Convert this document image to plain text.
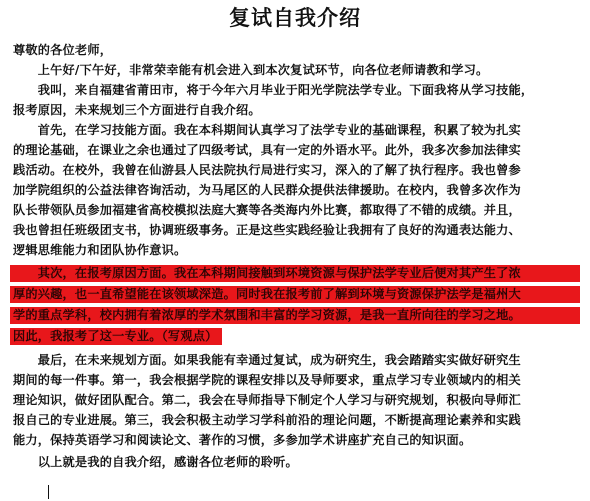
复试自我介绍
尊敬的各位老师，
　　上午好/下午好，非常荣幸能有机会进入到本次复试环节，向各位老师请教和学习。
　　我叫，来自福建省莆田市，将于今年六月毕业于阳光学院法学专业。下面我将从学习技能，
报考原因，未来规划三个方面进行自我介绍。
　　首先，在学习技能方面。我在本科期间认真学习了法学专业的基础课程，积累了较为扎实
的理论基础，在课业之余也通过了四级考试，具有一定的外语水平。此外，我多次参加法律实
践活动。在校外，我曾在仙游县人民法院执行局进行实习，深入的了解了执行程序。我也曾参
加学院组织的公益法律咨询活动，为马尾区的人民群众提供法律援助。在校内，我曾多次作为
队长带领队员参加福建省高校模拟法庭大赛等各类海内外比赛，都取得了不错的成绩。并且，
我也曾担任班级团支书，协调班级事务。正是这些实践经验让我拥有了良好的沟通表达能力、
逻辑思维能力和团队协作意识。
　　其次，在报考原因方面。我在本科期间接触到环境资源与保护法学专业后便对其产生了浓
厚的兴趣，也一直希望能在该领域深造。同时我在报考前了解到环境与资源保护法学是福州大
学的重点学科，校内拥有着浓厚的学术氛围和丰富的学习资源，是我一直所向往的学习之地。
因此，我报考了这一专业。（写观点）
　　最后，在未来规划方面。如果我能有幸通过复试，成为研究生，我会踏踏实实做好研究生
期间的每一件事。第一，我会根据学院的课程安排以及导师要求，重点学习专业领域内的相关
理论知识，做好团队配合。第二，我会在导师指导下制定个人学习与研究规划，积极向导师汇
报自己的专业进展。第三，我会积极主动学习学科前沿的理论问题，不断提高理论素养和实践
能力，保持英语学习和阅读论文、著作的习惯，多参加学术讲座扩充自己的知识面。
　　以上就是我的自我介绍，感谢各位老师的聆听。
